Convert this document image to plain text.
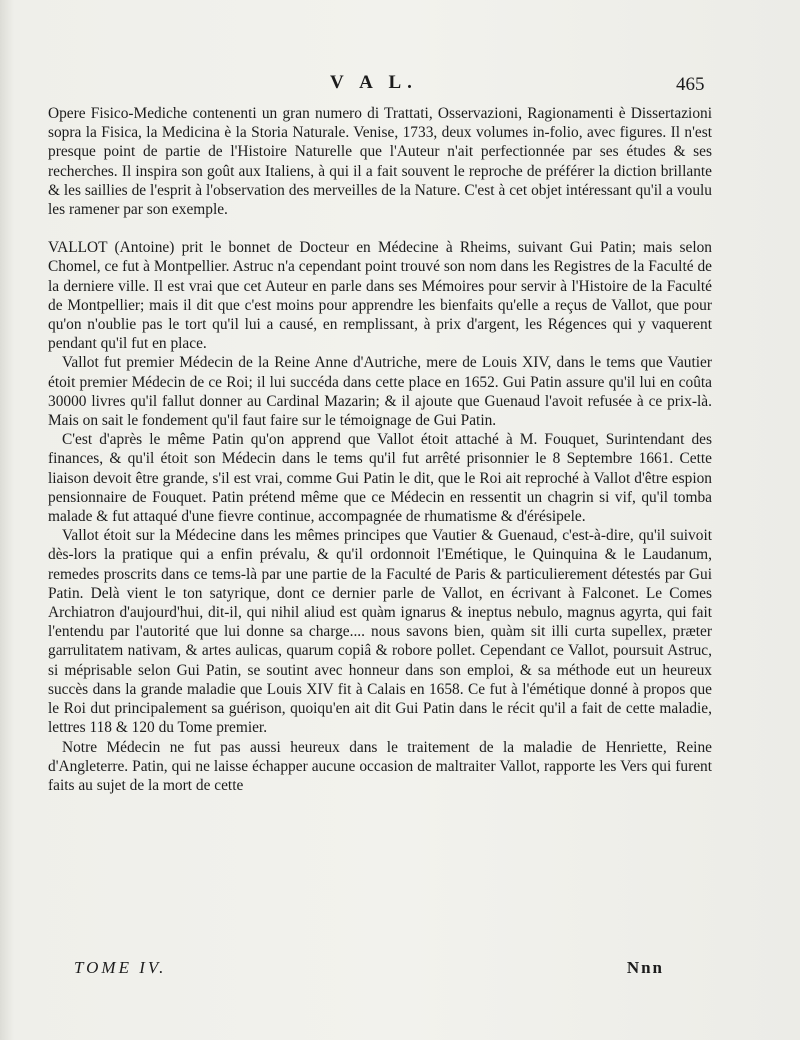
V A L.	465

Opere Fisico-Mediche contenenti un gran numero di Trattati, Osservazioni, Ragionamenti è Dissertazioni sopra la Fisica, la Medicina è la Storia Naturale. Venise, 1733, deux volumes in-folio, avec figures. Il n'est presque point de partie de l'Histoire Naturelle que l'Auteur n'ait perfectionnée par ses études & ses recherches. Il inspira son goût aux Italiens, à qui il a fait souvent le reproche de préférer la diction brillante & les saillies de l'esprit à l'observation des merveilles de la Nature. C'est à cet objet intéressant qu'il a voulu les ramener par son exemple.

VALLOT (Antoine) prit le bonnet de Docteur en Médecine à Rheims, suivant Gui Patin; mais selon Chomel, ce fut à Montpellier. Astruc n'a cependant point trouvé son nom dans les Registres de la Faculté de la derniere ville. Il est vrai que cet Auteur en parle dans ses Mémoires pour servir à l'Histoire de la Faculté de Montpellier; mais il dit que c'est moins pour apprendre les bienfaits qu'elle a reçus de Vallot, que pour qu'on n'oublie pas le tort qu'il lui a causé, en remplissant, à prix d'argent, les Régences qui y vaquerent pendant qu'il fut en place.

Vallot fut premier Médecin de la Reine Anne d'Autriche, mere de Louis XIV, dans le tems que Vautier étoit premier Médecin de ce Roi; il lui succéda dans cette place en 1652. Gui Patin assure qu'il lui en coûta 30000 livres qu'il fallut donner au Cardinal Mazarin; & il ajoute que Guenaud l'avoit refusée à ce prix-là. Mais on sait le fondement qu'il faut faire sur le témoignage de Gui Patin.

C'est d'après le même Patin qu'on apprend que Vallot étoit attaché à M. Fouquet, Surintendant des finances, & qu'il étoit son Médecin dans le tems qu'il fut arrêté prisonnier le 8 Septembre 1661. Cette liaison devoit être grande, s'il est vrai, comme Gui Patin le dit, que le Roi ait reproché à Vallot d'être espion pensionnaire de Fouquet. Patin prétend même que ce Médecin en ressentit un chagrin si vif, qu'il tomba malade & fut attaqué d'une fievre continue, accompagnée de rhumatisme & d'érésipele.

Vallot étoit sur la Médecine dans les mêmes principes que Vautier & Guenaud, c'est-à-dire, qu'il suivoit dès-lors la pratique qui a enfin prévalu, & qu'il ordonnoit l'Emétique, le Quinquina & le Laudanum, remedes proscrits dans ce tems-là par une partie de la Faculté de Paris & particulierement détestés par Gui Patin. Delà vient le ton satyrique, dont ce dernier parle de Vallot, en écrivant à Falconet. Le Comes Archiatron d'aujourd'hui, dit-il, qui nihil aliud est quàm ignarus & ineptus nebulo, magnus agyrta, qui fait l'entendu par l'autorité que lui donne sa charge.... nous savons bien, quàm sit illi curta supellex, præter garrulitatem nativam, & artes aulicas, quarum copiâ & robore pollet. Cependant ce Vallot, poursuit Astruc, si méprisable selon Gui Patin, se soutint avec honneur dans son emploi, & sa méthode eut un heureux succès dans la grande maladie que Louis XIV fit à Calais en 1658. Ce fut à l'émétique donné à propos que le Roi dut principalement sa guérison, quoiqu'en ait dit Gui Patin dans le récit qu'il a fait de cette maladie, lettres 118 & 120 du Tome premier.

Notre Médecin ne fut pas aussi heureux dans le traitement de la maladie de Henriette, Reine d'Angleterre. Patin, qui ne laisse échapper aucune occasion de maltraiter Vallot, rapporte les Vers qui furent faits au sujet de la mort de cette

TOME IV.	Nnn
